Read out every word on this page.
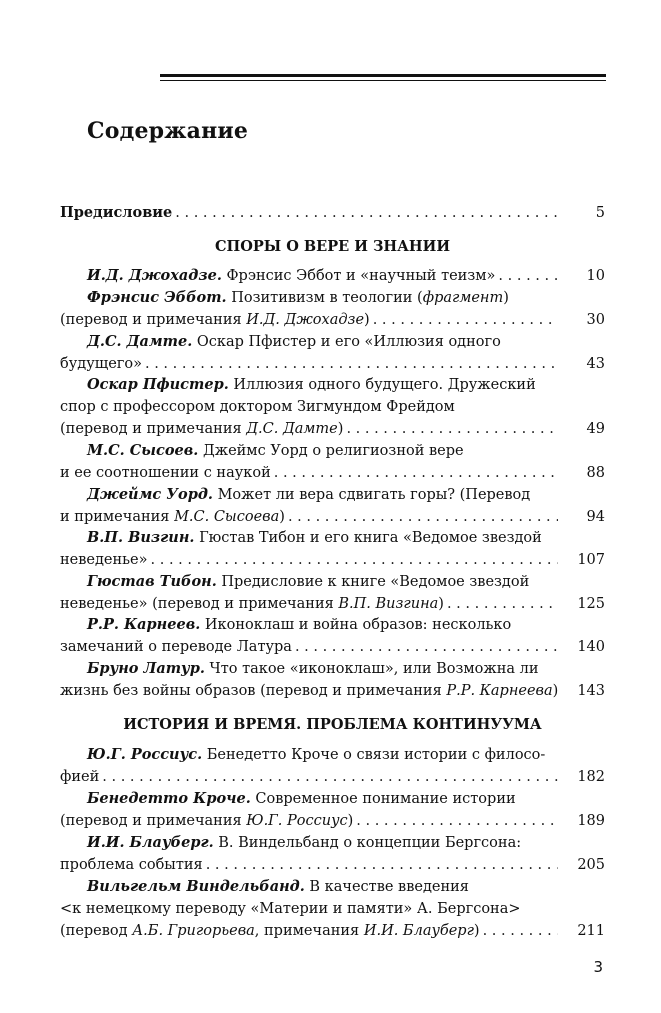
Содержание
Предисловие . . .	5
СПОРЫ О ВЕРЕ И ЗНАНИИ
И.Д. Джохадзе. Фрэнсис Эббот и «научный теизм» . . .	10
Фрэнсис Эббот. Позитивизм в теологии (фрагмент)
(перевод и примечания И.Д. Джохадзе) . . .	30
Д.С. Дамте. Оскар Пфистер и его «Иллюзия одного
будущего» . . .	43
Оскар Пфистер. Иллюзия одного будущего. Дружеский
спор с профессором доктором Зигмундом Фрейдом
(перевод и примечания Д.С. Дамте) . . .	49
М.С. Сысоев. Джеймс Уорд о религиозной вере
и ее соотношении с наукой . . .	88
Джеймс Уорд. Может ли вера сдвигать горы? (Перевод
и примечания М.С. Сысоева) . . .	94
В.П. Визгин. Гюстав Тибон и его книга «Ведомое звездой
неведенье» . . .	107
Гюстав Тибон. Предисловие к книге «Ведомое звездой
неведенье» (перевод и примечания В.П. Визгина) . . .	125
Р.Р. Карнеев. Иконоклаш и война образов: несколько
замечаний о переводе Латура . . .	140
Бруно Латур. Что такое «иконоклаш», или Возможна ли
жизнь без войны образов (перевод и примечания Р.Р. Карнеева)	143
ИСТОРИЯ И ВРЕМЯ. ПРОБЛЕМА КОНТИНУУМА
Ю.Г. Россиус. Бенедетто Кроче о связи истории с филосо-
фией . . .	182
Бенедетто Кроче. Современное понимание истории
(перевод и примечания Ю.Г. Россиус) . . .	189
И.И. Блауберг. В. Виндельбанд о концепции Бергсона:
проблема события . . .	205
Вильгельм Виндельбанд. В качестве введения
<к немецкому переводу «Материи и памяти» А. Бергсона>
(перевод А.Б. Григорьева, примечания И.И. Блауберг) . . .	211
3
